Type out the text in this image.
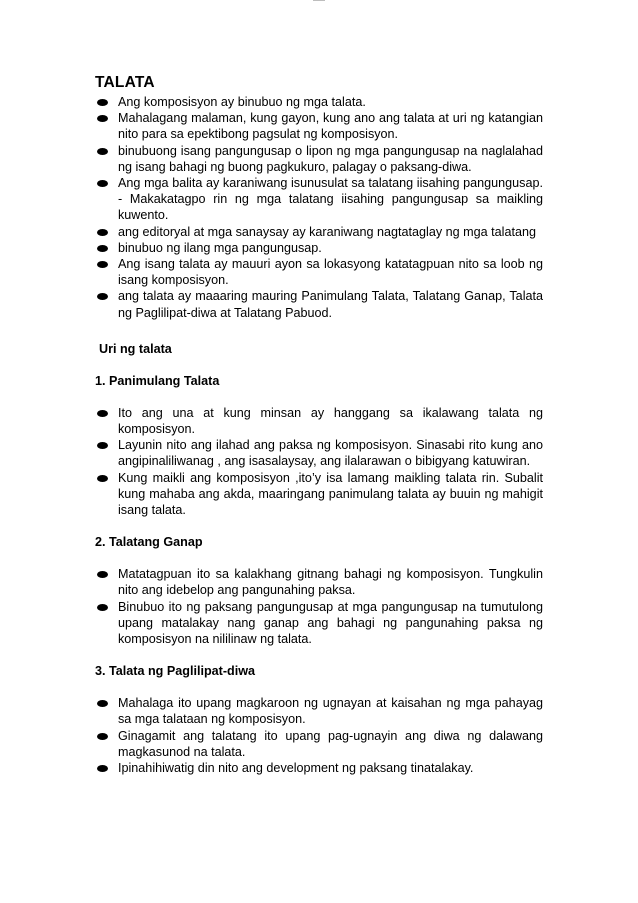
TALATA
Ang komposisyon ay binubuo ng mga talata.
Mahalagang malaman, kung gayon, kung ano ang talata at uri ng katangian nito para sa epektibong pagsulat ng komposisyon.
binubuong isang pangungusap o lipon ng mga pangungusap na naglalahad ng isang bahagi ng buong pagkukuro, palagay o paksang-diwa.
Ang mga balita ay karaniwang isunusulat sa talatang iisahing pangungusap. - Makakatagpo rin ng mga talatang iisahing pangungusap sa maikling kuwento.
ang editoryal at mga sanaysay ay karaniwang nagtataglay ng mga talatang
binubuo ng ilang mga pangungusap.
Ang isang talata ay mauuri ayon sa lokasyong katatagpuan nito sa loob ng isang komposisyon.
ang talata ay maaaring mauring Panimulang Talata, Talatang Ganap, Talata ng Paglilipat-diwa at Talatang Pabuod.
Uri ng talata
1. Panimulang Talata
Ito ang una at kung minsan ay hanggang sa ikalawang talata ng komposisyon.
Layunin nito ang ilahad ang paksa ng komposisyon. Sinasabi rito kung ano angipinaliliwanag , ang isasalaysay, ang ilalarawan o bibigyang katuwiran.
Kung maikli ang komposisyon ,ito’y isa lamang maikling talata rin. Subalit kung mahaba ang akda, maaringang panimulang talata ay buuin ng mahigit isang talata.
2. Talatang Ganap
Matatagpuan ito sa kalakhang gitnang bahagi ng komposisyon. Tungkulin nito ang idebelop ang pangunahing paksa.
Binubuo ito ng paksang pangungusap at mga pangungusap na tumutulong upang matalakay nang ganap ang bahagi ng pangunahing paksa ng komposisyon na nililinaw ng talata.
3. Talata ng Paglilipat-diwa
Mahalaga ito upang magkaroon ng ugnayan at kaisahan ng mga pahayag sa mga talataan ng komposisyon.
Ginagamit ang talatang ito upang pag-ugnayin ang diwa ng dalawang magkasunod na talata.
Ipinahihiwatig din nito ang development ng paksang tinatalakay.
